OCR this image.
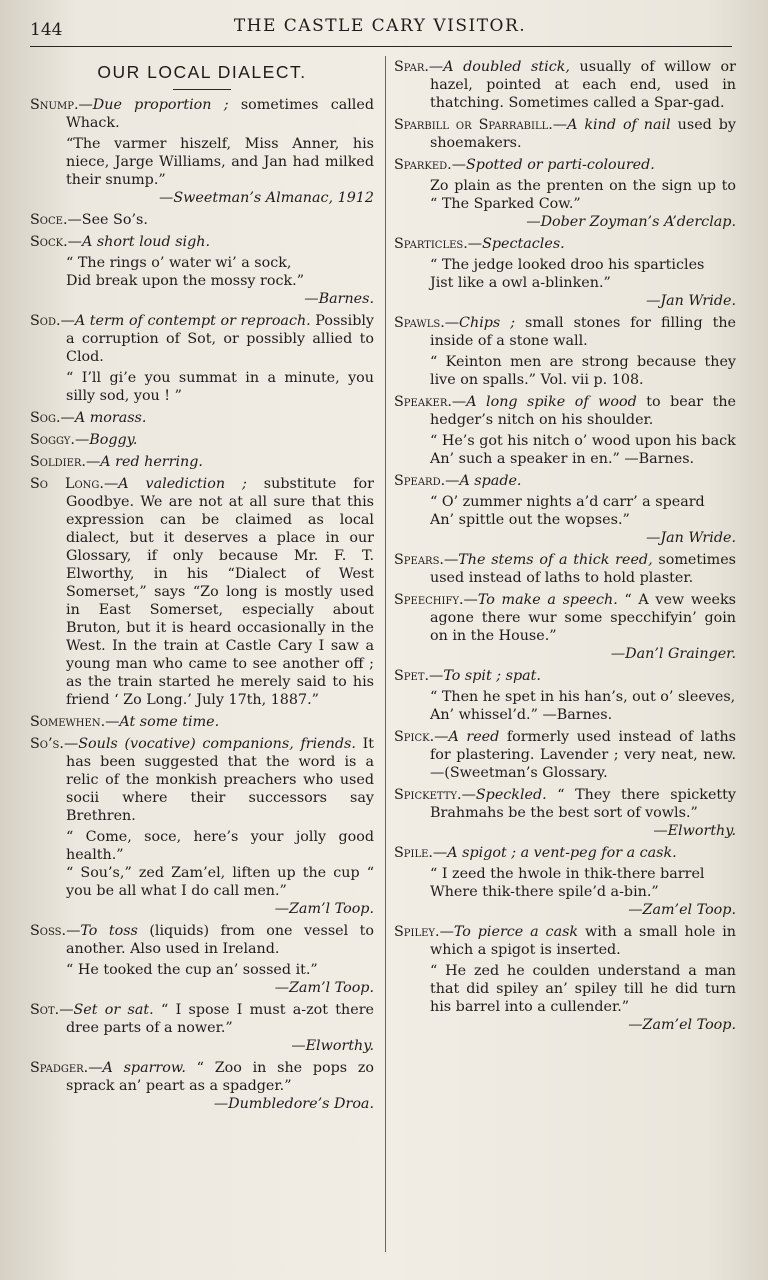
144	THE CASTLE CARY VISITOR.
OUR LOCAL DIALECT.
Snump.—Due proportion ; sometimes called Whack.
“The varmer hiszelf, Miss Anner, his niece, Jarge Williams, and Jan had milked their snump.”
—Sweetman’s Almanac, 1912
Soce.—See So’s.
Sock.—A short loud sigh.
“ The rings o’ water wi’ a sock,
Did break upon the mossy rock.”
—Barnes.
Sod.—A term of contempt or reproach. Possibly a corruption of Sot, or possibly allied to Clod.
“ I’ll gi’e you summat in a minute, you silly sod, you ! ”
Sog.—A morass.
Soggy.—Boggy.
Soldier.—A red herring.
So Long.—A valediction ; substitute for Goodbye. We are not at all sure that this expression can be claimed as local dialect, but it deserves a place in our Glossary, if only because Mr. F. T. Elworthy, in his “Dialect of West Somerset,” says “Zo long is mostly used in East Somerset, especially about Bruton, but it is heard occasionally in the West. In the train at Castle Cary I saw a young man who came to see another off ; as the train started he merely said to his friend ‘ Zo Long.’ July 17th, 1887.”
Somewhen.—At some time.
So’s.—Souls (vocative) companions, friends. It has been suggested that the word is a relic of the monkish preachers who used socii where their successors say Brethren.
“ Come, soce, here’s your jolly good health.”
“ Sou’s,” zed Zam’el, liften up the cup “ you be all what I do call men.”
—Zam’l Toop.
Soss.—To toss (liquids) from one vessel to another. Also used in Ireland.
“ He tooked the cup an’ sossed it.”
—Zam’l Toop.
Sot.—Set or sat. “ I spose I must a-zot there dree parts of a nower.”
—Elworthy.
Spadger.—A sparrow. “ Zoo in she pops zo sprack an’ peart as a spadger.”
—Dumbledore’s Droa.
Spar.—A doubled stick, usually of willow or hazel, pointed at each end, used in thatching. Sometimes called a Spar-gad.
Sparbill or Sparrabill.—A kind of nail used by shoemakers.
Sparked.—Spotted or parti-coloured.
Zo plain as the prenten on the sign up to “ The Sparked Cow.”
—Dober Zoyman’s A’derclap.
Sparticles.—Spectacles.
“ The jedge looked droo his sparticles
Jist like a owl a-blinken.”
—Jan Wride.
Spawls.—Chips ; small stones for filling the inside of a stone wall.
“ Keinton men are strong because they live on spalls.” Vol. vii p. 108.
Speaker.—A long spike of wood to bear the hedger’s nitch on his shoulder.
“ He’s got his nitch o’ wood upon his back
An’ such a speaker in en.” —Barnes.
Speard.—A spade.
“ O’ zummer nights a’d carr’ a speard
An’ spittle out the wopses.”
—Jan Wride.
Spears.—The stems of a thick reed, sometimes used instead of laths to hold plaster.
Speechify.—To make a speech. “ A vew weeks agone there wur some specchifyin’ goin on in the House.”
—Dan’l Grainger.
Spet.—To spit ; spat.
“ Then he spet in his han’s, out o’ sleeves,
An’ whissel’d.” —Barnes.
Spick.—A reed formerly used instead of laths for plastering. Lavender ; very neat, new. —(Sweetman’s Glossary.
Spicketty.—Speckled. “ They there spicketty Brahmahs be the best sort of vowls.”
—Elworthy.
Spile.—A spigot ; a vent-peg for a cask.
“ I zeed the hwole in thik-there barrel
Where thik-there spile’d a-bin.”
—Zam’el Toop.
Spiley.—To pierce a cask with a small hole in which a spigot is inserted.
“ He zed he coulden understand a man that did spiley an’ spiley till he did turn his barrel into a cullender.”
—Zam’el Toop.
